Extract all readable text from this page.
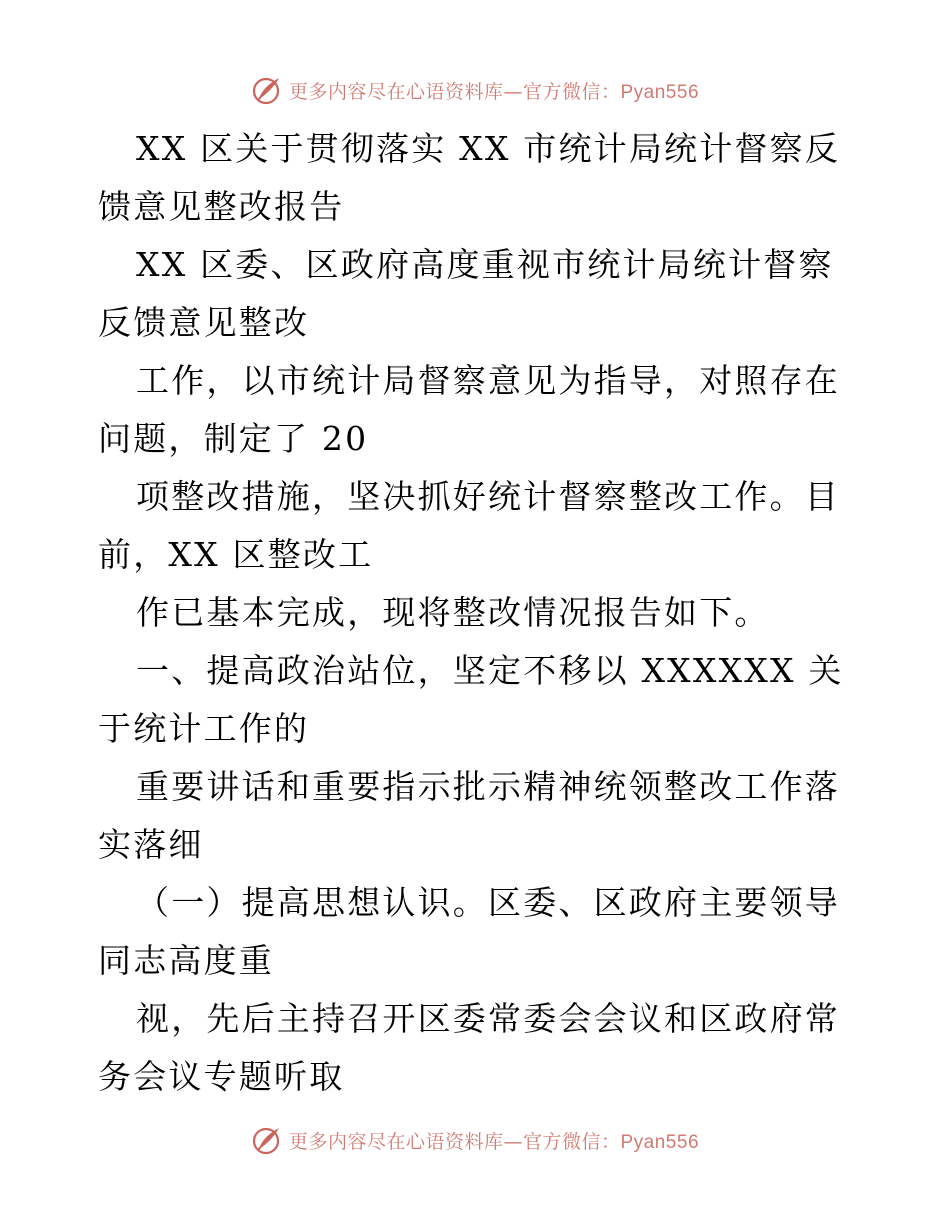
更多内容尽在心语资料库—官方微信：Pyan556

XX 区关于贯彻落实 XX 市统计局统计督察反馈意见整改报告

XX 区委、区政府高度重视市统计局统计督察反馈意见整改

工作，以市统计局督察意见为指导，对照存在问题，制定了 20

项整改措施，坚决抓好统计督察整改工作。目前，XX 区整改工

作已基本完成，现将整改情况报告如下。

一、提高政治站位，坚定不移以 XXXXXX 关于统计工作的

重要讲话和重要指示批示精神统领整改工作落实落细

（一）提高思想认识。区委、区政府主要领导同志高度重

视，先后主持召开区委常委会会议和区政府常务会议专题听取

更多内容尽在心语资料库—官方微信：Pyan556
